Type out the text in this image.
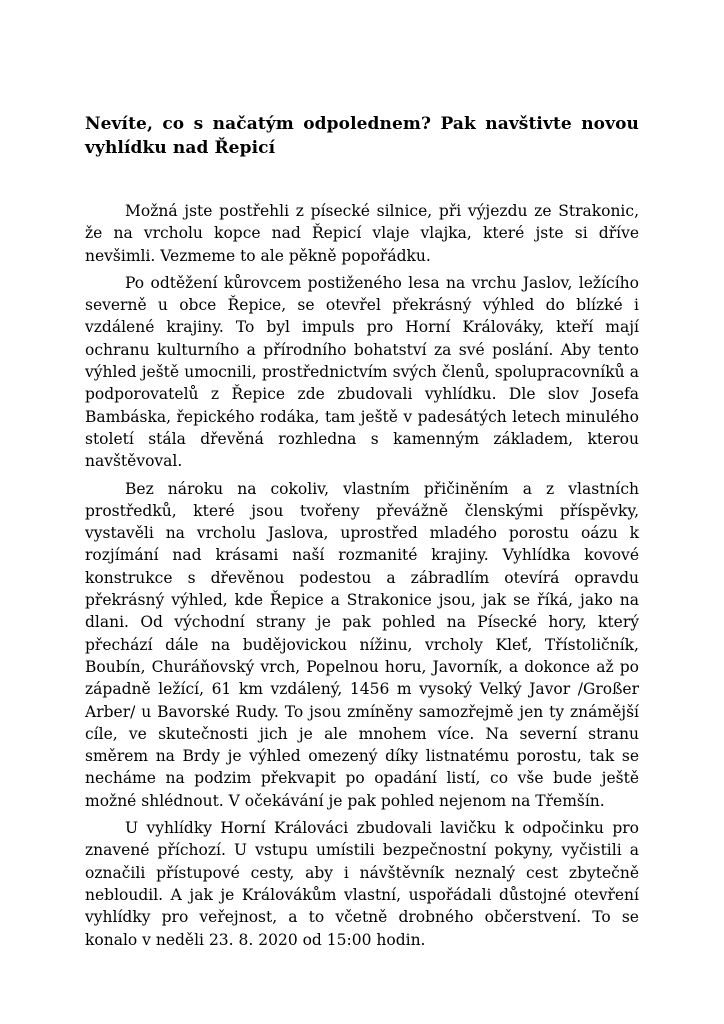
Nevíte, co s načatým odpolednem? Pak navštivte novou vyhlídku nad Řepicí

Možná jste postřehli z písecké silnice, při výjezdu ze Strakonic, že na vrcholu kopce nad Řepicí vlaje vlajka, které jste si dříve nevšimli. Vezmeme to ale pěkně popořádku.

Po odtěžení kůrovcem postiženého lesa na vrchu Jaslov, ležícího severně u obce Řepice, se otevřel překrásný výhled do blízké i vzdálené krajiny. To byl impuls pro Horní Králováky, kteří mají ochranu kulturního a přírodního bohatství za své poslání. Aby tento výhled ještě umocnili, prostřednictvím svých členů, spolupracovníků a podporovatelů z Řepice zde zbudovali vyhlídku. Dle slov Josefa Bambáska, řepického rodáka, tam ještě v padesátých letech minulého století stála dřevěná rozhledna s kamenným základem, kterou navštěvoval.

Bez nároku na cokoliv, vlastním přičiněním a z vlastních prostředků, které jsou tvořeny převážně členskými příspěvky, vystavěli na vrcholu Jaslova, uprostřed mladého porostu oázu k rozjímání nad krásami naší rozmanité krajiny. Vyhlídka kovové konstrukce s dřevěnou podestou a zábradlím otevírá opravdu překrásný výhled, kde Řepice a Strakonice jsou, jak se říká, jako na dlani. Od východní strany je pak pohled na Písecké hory, který přechází dále na budějovickou nížinu, vrcholy Kleť, Třístoličník, Boubín, Churáňovský vrch, Popelnou horu, Javorník, a dokonce až po západně ležící, 61 km vzdálený, 1456 m vysoký Velký Javor /Großer Arber/ u Bavorské Rudy. To jsou zmíněny samozřejmě jen ty známější cíle, ve skutečnosti jich je ale mnohem více. Na severní stranu směrem na Brdy je výhled omezený díky listnatému porostu, tak se necháme na podzim překvapit po opadání listí, co vše bude ještě možné shlédnout. V očekávání je pak pohled nejenom na Třemšín.

U vyhlídky Horní Králováci zbudovali lavičku k odpočinku pro znavené příchozí. U vstupu umístili bezpečnostní pokyny, vyčistili a označili přístupové cesty, aby i návštěvník neznalý cest zbytečně nebloudil. A jak je Královákům vlastní, uspořádali důstojné otevření vyhlídky pro veřejnost, a to včetně drobného občerstvení. To se konalo v neděli 23. 8. 2020 od 15:00 hodin.
